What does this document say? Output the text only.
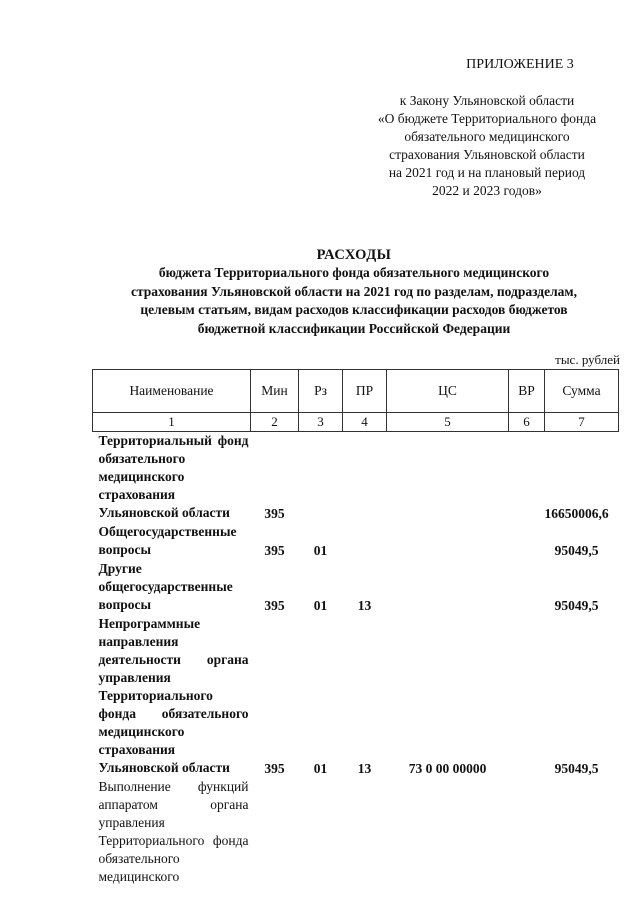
ПРИЛОЖЕНИЕ 3
к Закону Ульяновской области
«О бюджете Территориального фонда
обязательного медицинского
страхования Ульяновской области
на 2021 год и на плановый период
2022 и 2023 годов»
РАСХОДЫ
бюджета Территориального фонда обязательного медицинского
страхования Ульяновской области на 2021 год по разделам, подразделам,
целевым статьям, видам расходов классификации расходов бюджетов
бюджетной классификации Российской Федерации
тыс. рублей
Наименование	Мин	Рз	ПР	ЦС	ВР	Сумма
1	2	3	4	5	6	7
Территориальный фонд обязательного медицинского страхования Ульяновской области	395					16650006,6
Общегосударственные вопросы	395	01				95049,5
Другие общегосударственные вопросы	395	01	13			95049,5
Непрограммные направления деятельности органа управления Территориального фонда обязательного медицинского страхования Ульяновской области	395	01	13	73 0 00 00000		95049,5
Выполнение функций аппаратом органа управления Территориального фонда обязательного медицинского						
